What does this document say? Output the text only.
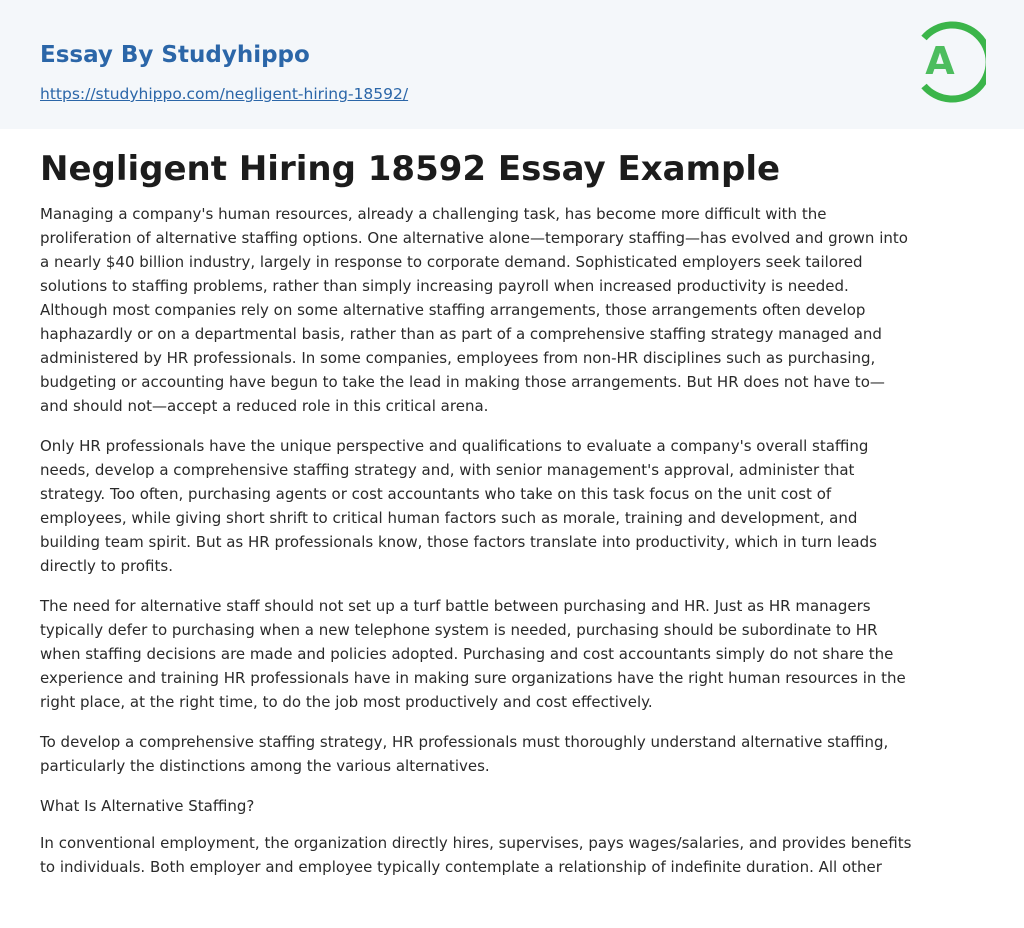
Essay By Studyhippo
https://studyhippo.com/negligent-hiring-18592/
A
Negligent Hiring 18592 Essay Example

Managing a company's human resources, already a challenging task, has become more difficult with the
proliferation of alternative staffing options. One alternative alone—temporary staffing—has evolved and grown into
a nearly $40 billion industry, largely in response to corporate demand. Sophisticated employers seek tailored
solutions to staffing problems, rather than simply increasing payroll when increased productivity is needed.
Although most companies rely on some alternative staffing arrangements, those arrangements often develop
haphazardly or on a departmental basis, rather than as part of a comprehensive staffing strategy managed and
administered by HR professionals. In some companies, employees from non-HR disciplines such as purchasing,
budgeting or accounting have begun to take the lead in making those arrangements. But HR does not have to—
and should not—accept a reduced role in this critical arena.

Only HR professionals have the unique perspective and qualifications to evaluate a company's overall staffing
needs, develop a comprehensive staffing strategy and, with senior management's approval, administer that
strategy. Too often, purchasing agents or cost accountants who take on this task focus on the unit cost of
employees, while giving short shrift to critical human factors such as morale, training and development, and
building team spirit. But as HR professionals know, those factors translate into productivity, which in turn leads
directly to profits.

The need for alternative staff should not set up a turf battle between purchasing and HR. Just as HR managers
typically defer to purchasing when a new telephone system is needed, purchasing should be subordinate to HR
when staffing decisions are made and policies adopted. Purchasing and cost accountants simply do not share the
experience and training HR professionals have in making sure organizations have the right human resources in the
right place, at the right time, to do the job most productively and cost effectively.

To develop a comprehensive staffing strategy, HR professionals must thoroughly understand alternative staffing,
particularly the distinctions among the various alternatives.

What Is Alternative Staffing?

In conventional employment, the organization directly hires, supervises, pays wages/salaries, and provides benefits
to individuals. Both employer and employee typically contemplate a relationship of indefinite duration. All other
